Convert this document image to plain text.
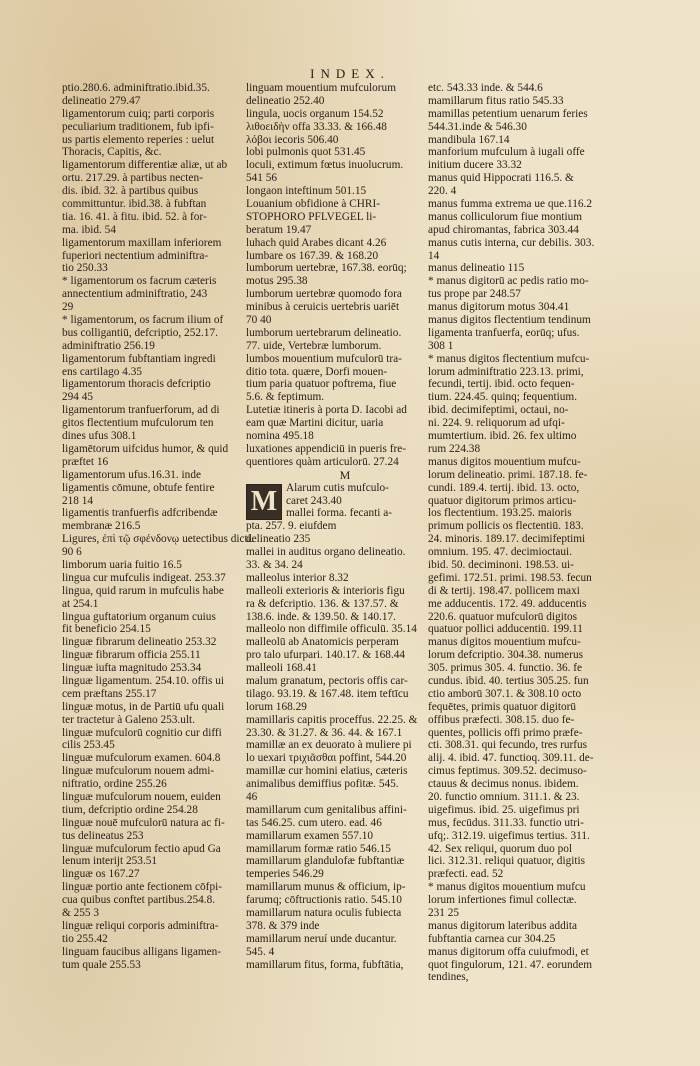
INDEX.
ptio.280.6. adminiftratio.ibid.35.
delineatio 279.47
ligamentorum cuiq; parti corporis
peculiarium traditionem, fub ipfi-
us partis elemento reperies : uelut
Thoracis, Capitis, &c.
ligamentorum differentiæ aliæ, ut ab
ortu. 217.29. à partibus necten-
dis. ibid. 32. à partibus quibus
committuntur. ibid.38. à fubftan
tia. 16. 41. à fitu. ibid. 52. à for-
ma. ibid. 54
ligamentorum maxillam inferiorem
fuperiori nectentium adminiftra-
tio 250.33
* ligamentorum os facrum cæteris
annectentium adminiftratio, 243
29
* ligamentorum, os facrum ilium of
bus colligantiū, defcriptio, 252.17.
adminiftratio 256.19
ligamentorum fubftantiam ingredi
ens cartilago 4.35
ligamentorum thoracis defcriptio
294 45
ligamentorum tranfuerforum, ad di
gitos flectentium mufculorum ten
dines ufus 308.1
ligamētorum uifcidus humor, & quid
præftet 16
ligamentorum ufus.16.31. inde
ligamentis cōmune, obtufe fentire
218 14
ligamentis tranfuerfis adfcribendæ
membranæ 216.5
Ligures, ἐπὶ τῷ σφένδονῳ uetectibus dicti.
90 6
limborum uaria fuitio 16.5
lingua cur mufculis indigeat. 253.37
lingua, quid rarum in mufculis habe
at 254.1
lingua guftatorium organum cuius
fit beneficio 254.15
linguæ fibrarum delineatio 253.32
linguæ fibrarum officia 255.11
linguæ iufta magnitudo 253.34
linguæ ligamentum. 254.10. offis ui
cem præftans 255.17
linguæ motus, in de Partiū ufu quali
ter tractetur à Galeno 253.ult.
linguæ mufculorū cognitio cur diffi
cilis 253.45
linguæ mufculorum examen. 604.8
linguæ mufculorum nouem admi-
niftratio, ordine 255.26
linguæ mufculorum nouem, euiden
tium, defcriptio ordine 254.28
linguæ nouē mufculorū natura ac fi-
tus delineatus 253
linguæ mufculorum fectio apud Ga
lenum interijt 253.51
linguæ os 167.27
linguæ portio ante fectionem cōfpi-
cua quibus conftet partibus.254.8.
& 255 3
linguæ reliqui corporis adminiftra-
tio 255.42
linguam faucibus alligans ligamen-
tum quale 255.53
linguam mouentium mufculorum
delineatio 252.40
lingula, uocis organum 154.52
λιθοειδὴν offa 33.33. & 166.48
λόβοι iecoris 506.40
lobi pulmonis quot 531.45
loculi, extimum fœtus inuolucrum.
541 56
longaon inteftinum 501.15
Louanium obfidione à CHRI-
STOPHORO PFLVEGEL li-
beratum 19.47
luhach quid Arabes dicant 4.26
lumbare os 167.39. & 168.20
lumborum uertebræ, 167.38. eorūq;
motus 295.38
lumborum uertebræ quomodo fora
minibus à ceruicis uertebris uariēt
70 40
lumborum uertebrarum delineatio.
77. uide, Vertebræ lumborum.
lumbos mouentium mufculorū tra-
ditio tota. quære, Dorfi mouen-
tium paria quatuor poftrema, fiue
5.6. & feptimum.
Lutetiæ itineris à porta D. Iacobi ad
eam quæ Martini dicitur, uaria
nomina 495.18
luxationes appendiciū in pueris fre-
quentiores quàm articulorū. 27.24
M
M Alarum cutis mufculo-
caret 243.40
mallei forma. fecanti a-
pta. 257. 9. eiufdem
delineatio 235
mallei in auditus organo delineatio.
33. & 34. 24
malleolus interior 8.32
malleoli exterioris & interioris figu
ra & defcriptio. 136. & 137.57. &
138.6. inde. & 139.50. & 140.17.
malleolo non diffimile officulū. 35.14
malleolū ab Anatomicis perperam
pro talo ufurpari. 140.17. & 168.44
malleoli 168.41
malum granatum, pectoris offis car-
tilago. 93.19. & 167.48. item teftīcu
lorum 168.29
mamillaris capitis proceffus. 22.25. &
23.30. & 31.27. & 36. 44. & 167.1
mamillæ an ex deuorato à muliere pi
lo uexari τριχιᾶσθαι poffint, 544.20
mamillæ cur homini elatius, cæteris
animalibus demiffius pofitæ. 545.
46
mamillarum cum genitalibus affini-
tas 546.25. cum utero. ead. 46
mamillarum examen 557.10
mamillarum formæ ratio 546.15
mamillarum glandulofæ fubftantiæ
temperies 546.29
mamillarum munus & officium, ip-
farumq; cōftructionis ratio. 545.10
mamillarum natura oculis fubiecta
378. & 379 inde
mamillarum neruí unde ducantur.
545. 4
mamillarum fitus, forma, fubftātia,
etc. 543.33 inde. & 544.6
mamillarum fitus ratio 545.33
mamillas petentium uenarum feries
544.31.inde & 546.30
mandibula 167.14
manforium mufculum à iugali offe
initium ducere 33.32
manus quid Hippocrati 116.5. &
220. 4
manus fumma extrema ue que.116.2
manus colliculorum fiue montium
apud chiromantas, fabrica 303.44
manus cutis interna, cur debilis. 303.
14
manus delineatio 115
* manus digitorū ac pedis ratio mo-
tus prope par 248.57
manus digitorum motus 304.41
manus digitos flectentium tendinum
ligamenta tranfuerfa, eorūq; ufus.
308 1
* manus digitos flectentium mufcu-
lorum adminiftratio 223.13. primi,
fecundi, tertij. ibid. octo fequen-
tium. 224.45. quinq; fequentium.
ibid. decimifeptimi, octaui, no-
ni. 224. 9. reliquorum ad ufqi-
mumtertium. ibid. 26. fex ultimo
rum 224.38
manus digitos mouentium mufcu-
lorum delineatio. primi. 187.18. fe-
cundi. 189.4. tertij. ibid. 13. octo,
quatuor digitorum primos articu-
los flectentium. 193.25. maioris
primum pollicis os flectentiū. 183.
24. minoris. 189.17. decimifeptimi
omnium. 195. 47. decimioctaui.
ibid. 50. deciminoni. 198.53. ui-
gefimi. 172.51. primi. 198.53. fecun
di & tertij. 198.47. pollicem maxi
me adducentis. 172. 49. adducentis
220.6. quatuor mufculorū digitos
quatuor pollici adducentiū. 199.11
manus digitos mouentium mufcu-
lorum defcriptio. 304.38. numerus
305. primus 305. 4. functio. 36. fe
cundus. ibid. 40. tertius 305.25. fun
ctio amborū 307.1. & 308.10 octo
fequētes, primis quatuor digitorū
offibus præfecti. 308.15. duo fe-
quentes, pollicis offi primo præfe-
cti. 308.31. qui fecundo, tres rurfus
alij. 4. ibid. 47. functioq. 309.11. de-
cimus feptimus. 309.52. decimuso-
ctauus & decimus nonus. ibidem.
20. functio omnium. 311.1. & 23.
uigefimus. ibid. 25. uigefimus pri
mus, fecūdus. 311.33. functio utri-
ufq;. 312.19. uigefimus tertius. 311.
42. Sex reliqui, quorum duo pol
lici. 312.31. reliqui quatuor, digitis
præfecti. ead. 52
* manus digitos mouentium mufcu
lorum infertiones fimul collectæ.
231 25
manus digitorum lateribus addita
fubftantia carnea cur 304.25
manus digitorum offa cuiufmodi, et
quot fingulorum, 121. 47. eorundem
tendines,
